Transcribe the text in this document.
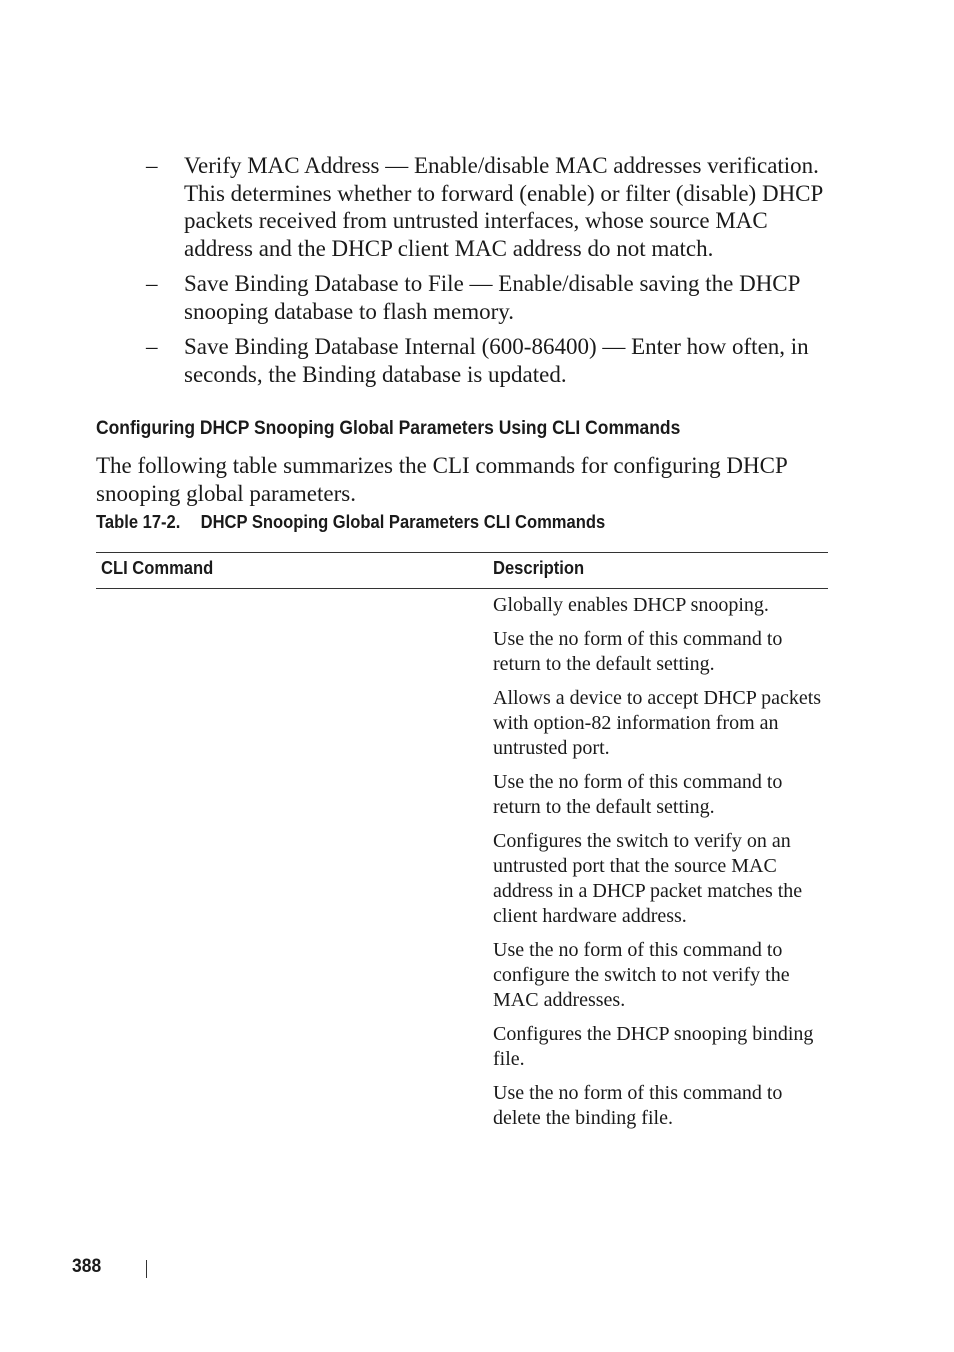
– Verify MAC Address — Enable/disable MAC addresses verification. This determines whether to forward (enable) or filter (disable) DHCP packets received from untrusted interfaces, whose source MAC address and the DHCP client MAC address do not match.
– Save Binding Database to File — Enable/disable saving the DHCP snooping database to flash memory.
– Save Binding Database Internal (600-86400) — Enter how often, in seconds, the Binding database is updated.
Configuring DHCP Snooping Global Parameters Using CLI Commands
The following table summarizes the CLI commands for configuring DHCP snooping global parameters.
Table 17-2. DHCP Snooping Global Parameters CLI Commands
CLI Command	Description

Globally enables DHCP snooping.

Use the no form of this command to return to the default setting.

Allows a device to accept DHCP packets with option-82 information from an untrusted port.

Use the no form of this command to return to the default setting.

Configures the switch to verify on an untrusted port that the source MAC address in a DHCP packet matches the client hardware address.

Use the no form of this command to configure the switch to not verify the MAC addresses.

Configures the DHCP snooping binding file.

Use the no form of this command to delete the binding file.

388
